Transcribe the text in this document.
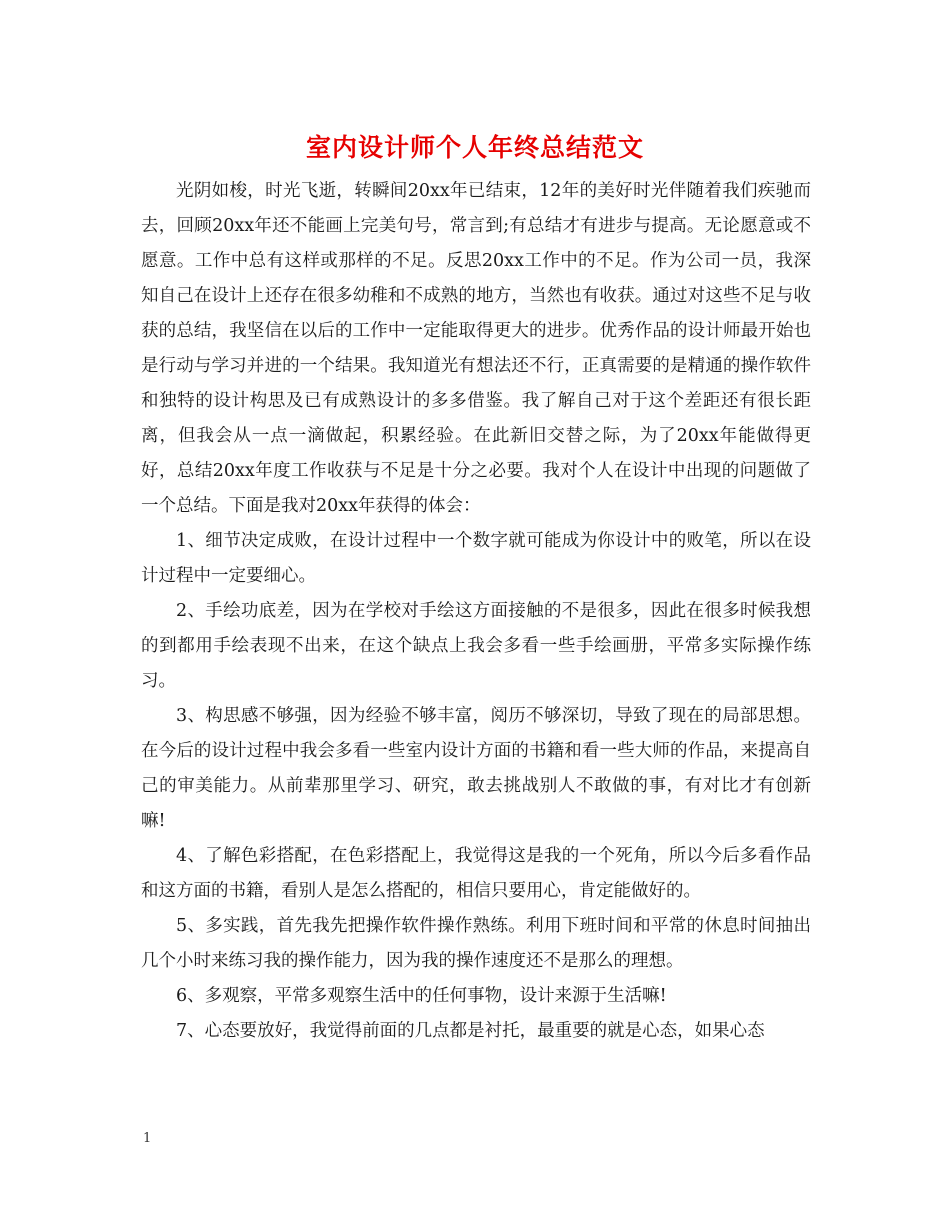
室内设计师个人年终总结范文

光阴如梭，时光飞逝，转瞬间20xx年已结束，12年的美好时光伴随着我们疾驰而去，回顾20xx年还不能画上完美句号，常言到;有总结才有进步与提高。无论愿意或不愿意。工作中总有这样或那样的不足。反思20xx工作中的不足。作为公司一员，我深知自己在设计上还存在很多幼稚和不成熟的地方，当然也有收获。通过对这些不足与收获的总结，我坚信在以后的工作中一定能取得更大的进步。优秀作品的设计师最开始也是行动与学习并进的一个结果。我知道光有想法还不行，正真需要的是精通的操作软件和独特的设计构思及已有成熟设计的多多借鉴。我了解自己对于这个差距还有很长距离，但我会从一点一滴做起，积累经验。在此新旧交替之际，为了20xx年能做得更好，总结20xx年度工作收获与不足是十分之必要。我对个人在设计中出现的问题做了一个总结。下面是我对20xx年获得的体会：

1、细节决定成败，在设计过程中一个数字就可能成为你设计中的败笔，所以在设计过程中一定要细心。

2、手绘功底差，因为在学校对手绘这方面接触的不是很多，因此在很多时候我想的到都用手绘表现不出来，在这个缺点上我会多看一些手绘画册，平常多实际操作练习。

3、构思感不够强，因为经验不够丰富，阅历不够深切，导致了现在的局部思想。在今后的设计过程中我会多看一些室内设计方面的书籍和看一些大师的作品，来提高自己的审美能力。从前辈那里学习、研究，敢去挑战别人不敢做的事，有对比才有创新嘛!

4、了解色彩搭配，在色彩搭配上，我觉得这是我的一个死角，所以今后多看作品和这方面的书籍，看别人是怎么搭配的，相信只要用心，肯定能做好的。

5、多实践，首先我先把操作软件操作熟练。利用下班时间和平常的休息时间抽出几个小时来练习我的操作能力，因为我的操作速度还不是那么的理想。

6、多观察，平常多观察生活中的任何事物，设计来源于生活嘛!

7、心态要放好，我觉得前面的几点都是衬托，最重要的就是心态，如果心态

1
